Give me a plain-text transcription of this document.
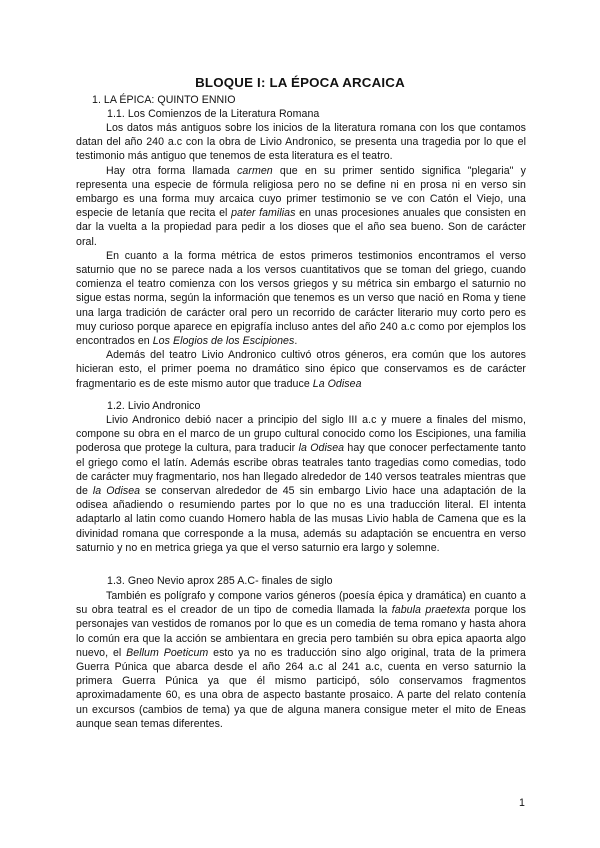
BLOQUE I: LA ÉPOCA ARCAICA
1. LA ÉPICA: QUINTO ENNIO
1.1. Los Comienzos de la Literatura Romana

Los datos más antiguos sobre los inicios de la literatura romana con los que contamos datan del año 240 a.c con la obra de Livio Andronico, se presenta una tragedia por lo que el testimonio más antiguo que tenemos de esta literatura es el teatro.

Hay otra forma llamada carmen que en su primer sentido significa "plegaria" y representa una especie de fórmula religiosa pero no se define ni en prosa ni en verso sin embargo es una forma muy arcaica cuyo primer testimonio se ve con Catón el Viejo, una especie de letanía que recita el pater familias en unas procesiones anuales que consisten en dar la vuelta a la propiedad para pedir a los dioses que el año sea bueno. Son de carácter oral.

En cuanto a la forma métrica de estos primeros testimonios encontramos el verso saturnio que no se parece nada a los versos cuantitativos que se toman del griego, cuando comienza el teatro comienza con los versos griegos y su métrica sin embargo el saturnio no sigue estas norma, según la información que tenemos es un verso que nació en Roma y tiene una larga tradición de carácter oral pero un recorrido de carácter literario muy corto pero es muy curioso porque aparece en epigrafía incluso antes del año 240 a.c como por ejemplos los encontrados en Los Elogios de los Escipiones.

Además del teatro Livio Andronico cultivó otros géneros, era común que los autores hicieran esto, el primer poema no dramático sino épico que conservamos es de carácter fragmentario es de este mismo autor que traduce La Odisea

1.2. Livio Andronico

Livio Andronico debió nacer a principio del siglo III a.c y muere a finales del mismo, compone su obra en el marco de un grupo cultural conocido como los Escipiones, una familia poderosa que protege la cultura, para traducir la Odisea hay que conocer perfectamente tanto el griego como el latín. Además escribe obras teatrales tanto tragedias como comedias, todo de carácter muy fragmentario, nos han llegado alrededor de 140 versos teatrales mientras que de la Odisea se conservan alrededor de 45 sin embargo Livio hace una adaptación de la odisea añadiendo o resumiendo partes por lo que no es una traducción literal. El intenta adaptarlo al latin como cuando Homero habla de las musas Livio habla de Camena que es la divinidad romana que corresponde a la musa, además su adaptación se encuentra en verso saturnio y no en metrica griega ya que el verso saturnio era largo y solemne.

1.3. Gneo Nevio aprox 285 A.C- finales de siglo

También es polígrafo y compone varios géneros (poesía épica y dramática) en cuanto a su obra teatral es el creador de un tipo de comedia llamada la fabula praetexta porque los personajes van vestidos de romanos por lo que es un comedia de tema romano y hasta ahora lo común era que la acción se ambientara en grecia pero también su obra epica apaorta algo nuevo, el Bellum Poeticum esto ya no es traducción sino algo original, trata de la primera Guerra Púnica que abarca desde el año 264 a.c al 241 a.c, cuenta en verso saturnio la primera Guerra Púnica ya que él mismo participó, sólo conservamos fragmentos aproximadamente 60, es una obra de aspecto bastante prosaico. A parte del relato contenía un excursos (cambios de tema) ya que de alguna manera consigue meter el mito de Eneas aunque sean temas diferentes.

1
